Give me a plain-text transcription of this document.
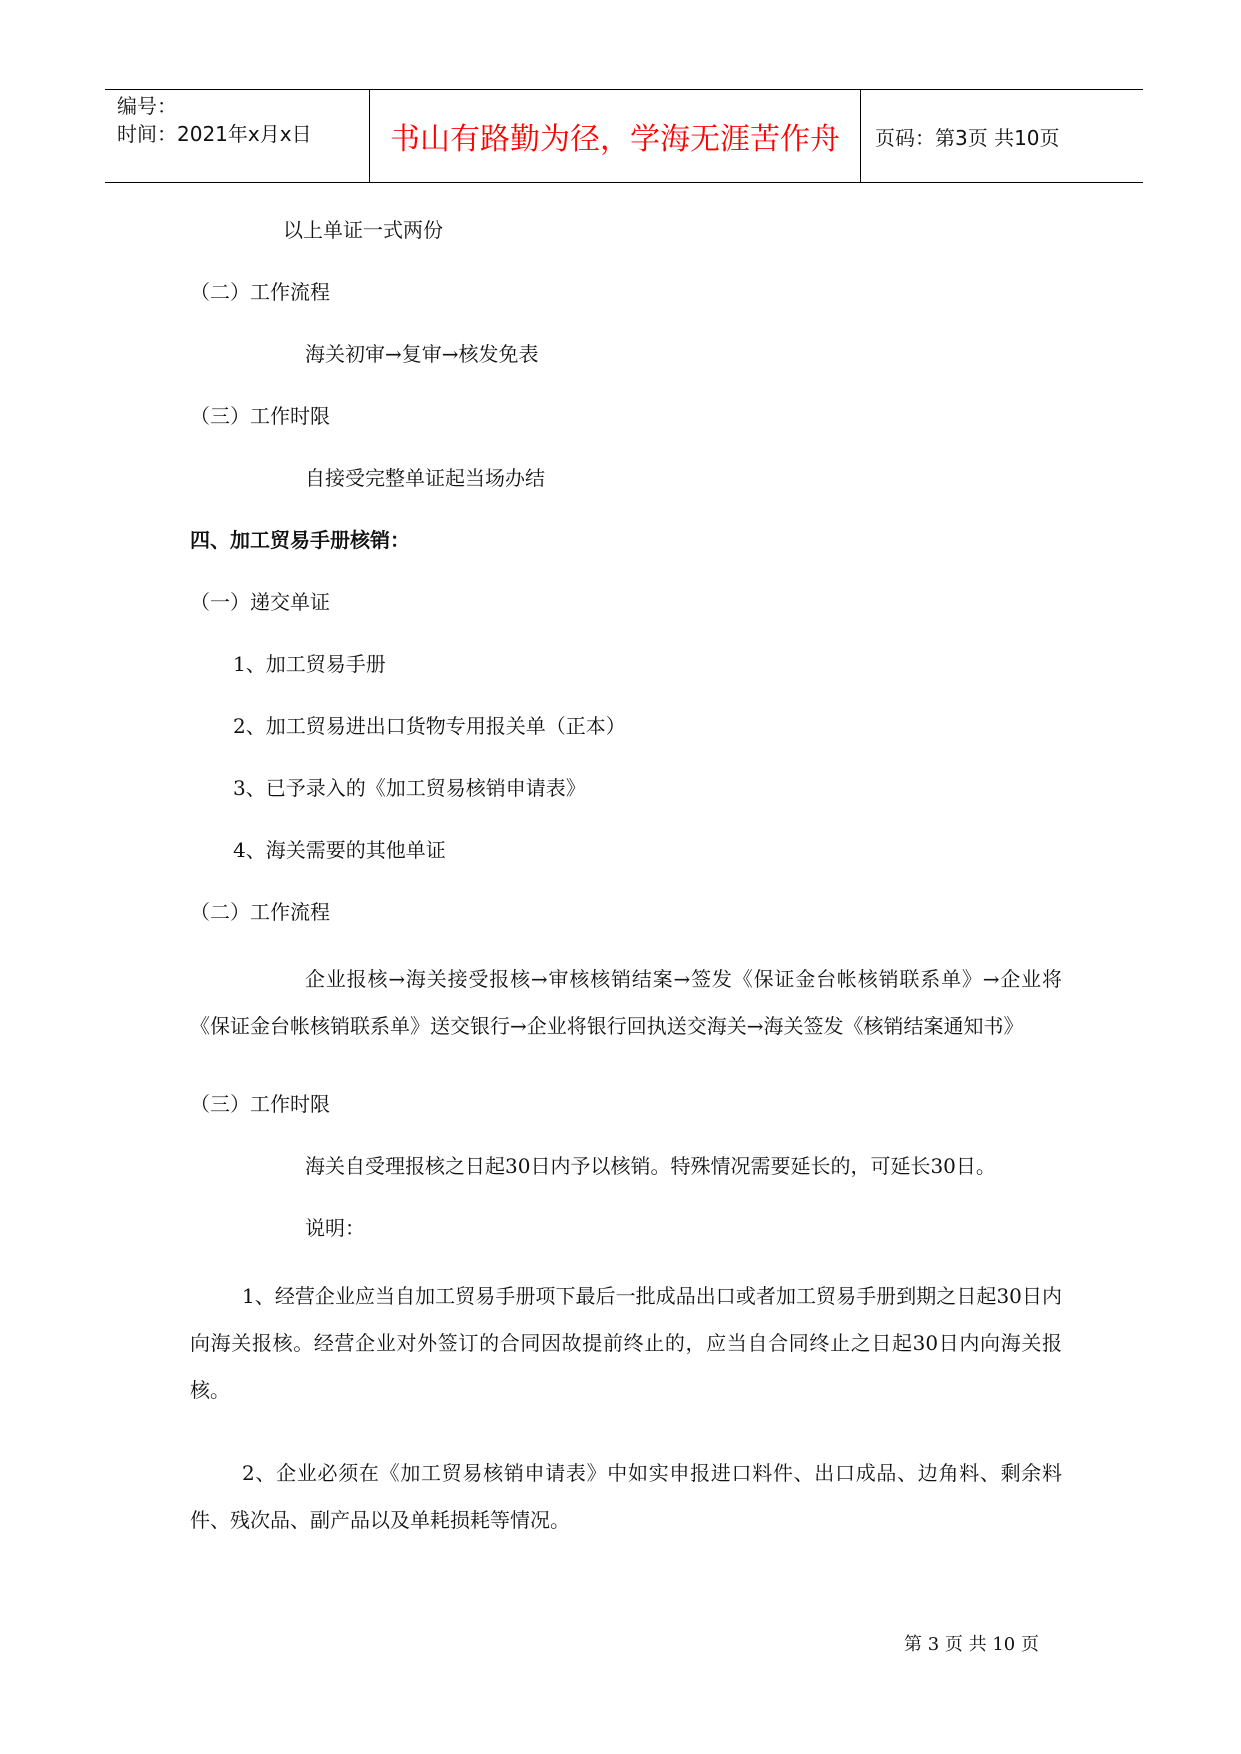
编号：
时间：2021年x月x日	书山有路勤为径，学海无涯苦作舟 页码：第3页 共10页
以上单证一式两份
（二）工作流程
海关初审→复审→核发免表
（三）工作时限
自接受完整单证起当场办结
四、加工贸易手册核销：
（一）递交单证
1、加工贸易手册
2、加工贸易进出口货物专用报关单（正本）
3、已予录入的《加工贸易核销申请表》
4、海关需要的其他单证
（二）工作流程
企业报核→海关接受报核→审核核销结案→签发《保证金台帐核销联系单》→企业将《保证金台帐核销联系单》送交银行→企业将银行回执送交海关→海关签发《核销结案通知书》
（三）工作时限
海关自受理报核之日起30日内予以核销。特殊情况需要延长的，可延长30日。
说明：
1、经营企业应当自加工贸易手册项下最后一批成品出口或者加工贸易手册到期之日起30日内向海关报核。经营企业对外签订的合同因故提前终止的，应当自合同终止之日起30日内向海关报核。
2、企业必须在《加工贸易核销申请表》中如实申报进口料件、出口成品、边角料、剩余料件、残次品、副产品以及单耗损耗等情况。
第 3 页 共 10 页
